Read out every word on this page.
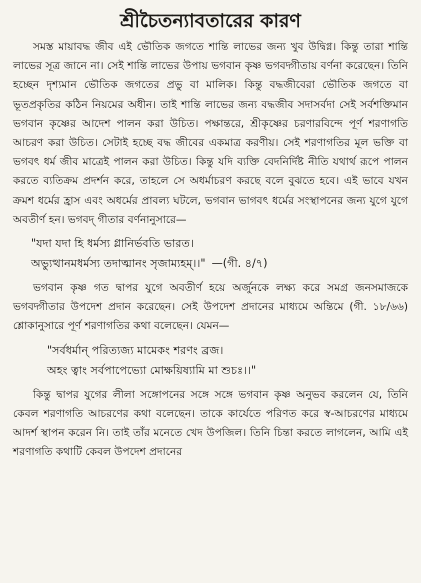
শ্রীচৈতন্যাবতারের কারণ

সমস্ত মায়াবদ্ধ জীব এই ভৌতিক জগতে শান্তি লাভের জন্য খুব উদ্বিগ্ন। কিন্তু তারা শান্তি লাভের সূত্র জানে না। সেই শান্তি লাভের উপায় ভগবান কৃষ্ণ ভগবদ্গীতায় বর্ণনা করেছেন। তিনি হচ্ছেন দৃশ্যমান ভৌতিক জগতের প্রভু বা মালিক। কিন্তু বদ্ধজীবেরা ভৌতিক জগতে বা ভূতপ্রকৃতির কঠিন নিয়মের অধীন। তাই শান্তি লাভের জন্য বদ্ধজীব সদাসর্বদা সেই সর্বশক্তিমান ভগবান কৃষ্ণের আদেশ পালন করা উচিত। পক্ষান্তরে, শ্রীকৃষ্ণের চরণারবিন্দে পূর্ণ শরণাগতি আচরণ করা উচিত। সেটাই হচ্ছে বদ্ধ জীবের একমাত্র করণীয়। সেই শরণাগতির মূল ভক্তি বা ভগবৎ ধর্ম জীব মাত্রেই পালন করা উচিত। কিন্তু যদি ব্যক্তি বেদনির্দিষ্ট নীতি যথার্থ রূপে পালন করতে ব্যতিক্রম প্রদর্শন করে, তাহলে সে অধর্মাচরণ করছে বলে বুঝতে হবে। এই ভাবে যখন ক্রমশ ধর্মের হ্রাস এবং অধর্মের প্রাবল্য ঘটলে, ভগবান ভাগবৎ ধর্মের সংস্থাপনের জন্য যুগে যুগে অবতীর্ণ হন। ভগবদ্ গীতার বর্ণনানুসারে—

"যদা যদা হি ধর্মস্য গ্লানির্ভবতি ভারত।
অভ্যুত্থানমধর্মস্য তদাত্মানং সৃজাম্যহম্।।" —(গী. ৪/৭)

ভগবান কৃষ্ণ গত দ্বাপর যুগে অবতীর্ণ হয়ে অর্জুনকে লক্ষ্য করে সমগ্র জনসমাজকে ভগবদ্গীতার উপদেশ প্রদান করেছেন। সেই উপদেশ প্রদানের মাধ্যমে অন্তিমে (গী. ১৮/৬৬) শ্লোকানুসারে পূর্ণ শরণাগতির কথা বলেছেন। যেমন—

"সর্বধর্মান্ পরিত্যজ্য মামেকং শরণং ব্রজ।
অহং ত্বাং সর্বপাপেভ্যো মোক্ষয়িষ্যামি মা শুচঃ।।"

কিন্তু দ্বাপর যুগের লীলা সঙ্গোপনের সঙ্গে সঙ্গে ভগবান কৃষ্ণ অনুভব করলেন যে, তিনি কেবল শরণাগতি আচরণের কথা বলেছেন। তাকে কার্যেতে পরিণত করে স্ব-আচরণের মাধ্যমে আদর্শ স্থাপন করেন নি। তাই তাঁর মনেতে খেদ উপজিল। তিনি চিন্তা করতে লাগলেন, আমি এই শরণাগতি কথাটি কেবল উপদেশ প্রদানের
